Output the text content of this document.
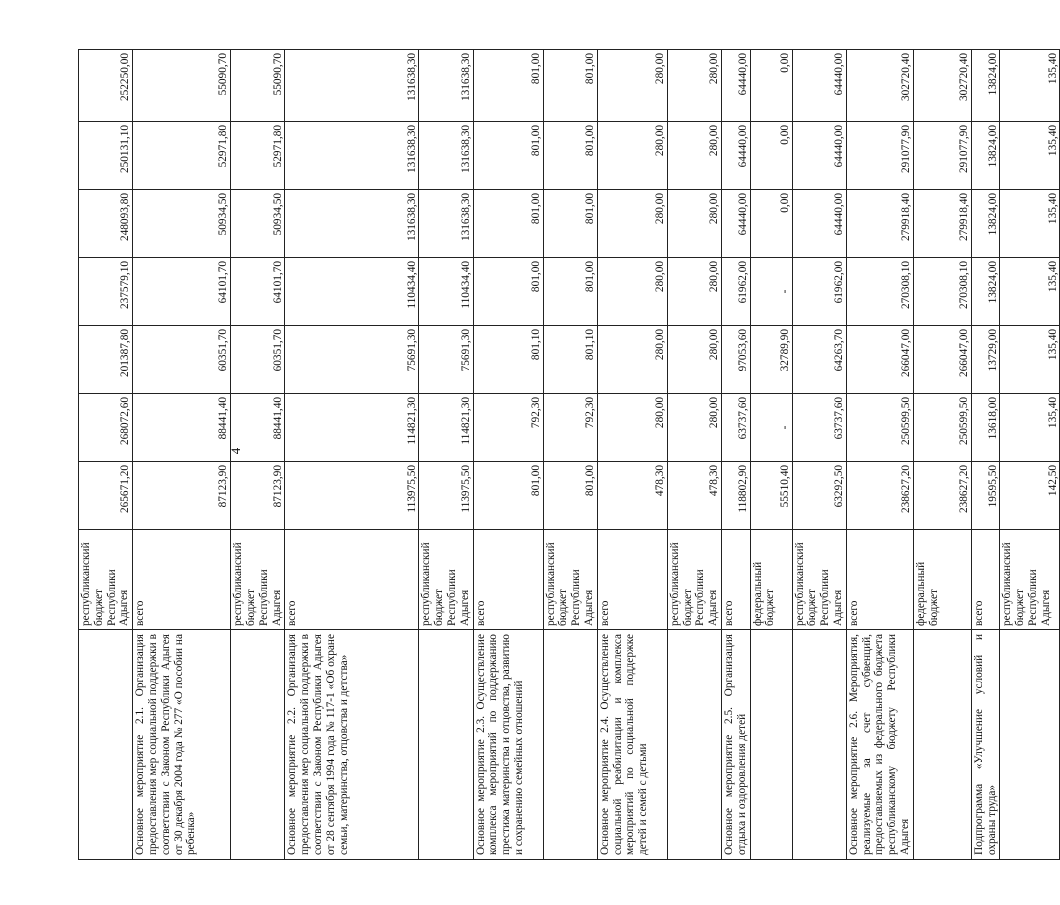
4
	республиканский бюджет Республики Адыгея	265671,20	268072,60	201387,80	237579,10	248093,80	250131,10	252250,00
Основное мероприятие 2.1. Организация предоставления мер социальной поддержки в соответствии с Законом Республики Адыгея от 30 декабря 2004 года № 277 «О пособии на ребенка»	всего	87123,90	88441,40	60351,70	64101,70	50934,50	52971,80	55090,70
	республиканский бюджет Республики Адыгея	87123,90	88441,40	60351,70	64101,70	50934,50	52971,80	55090,70
Основное мероприятие 2.2. Организация предоставления мер социальной поддержки в соответствии с Законом Республики Адыгея от 28 сентября 1994 года № 117-1 «Об охране семьи, материнства, отцовства и детства»	всего	113975,50	114821,30	75691,30	110434,40	131638,30	131638,30	131638,30
	республиканский бюджет Республики Адыгея	113975,50	114821,30	75691,30	110434,40	131638,30	131638,30	131638,30
Основное мероприятие 2.3. Осуществление комплекса мероприятий по поддержанию престижа материнства и отцовства, развитию и сохранению семейных отношений	всего	801,00	792,30	801,10	801,00	801,00	801,00	801,00
	республиканский бюджет Республики Адыгея	801,00	792,30	801,10	801,00	801,00	801,00	801,00
Основное мероприятие 2.4. Осуществление социальной реабилитации и комплекса мероприятий по социальной поддержке детей и семей с детьми	всего	478,30	280,00	280,00	280,00	280,00	280,00	280,00
	республиканский бюджет Республики Адыгея	478,30	280,00	280,00	280,00	280,00	280,00	280,00
Основное мероприятие 2.5. Организация отдыха и оздоровления детей	всего	118802,90	63737,60	97053,60	61962,00	64440,00	64440,00	64440,00
	федеральный бюджет	55510,40	-	32789,90	-	0,00	0,00	0,00
	республиканский бюджет Республики Адыгея	63292,50	63737,60	64263,70	61962,00	64440,00	64440,00	64440,00
Основное мероприятие 2.6. Мероприятия, реализуемые за счет субвенций, предоставляемых из федерального бюджета республиканскому бюджету Республики Адыгея	всего	238627,20	250599,50	266047,00	270308,10	279918,40	291077,90	302720,40
	федеральный бюджет	238627,20	250599,50	266047,00	270308,10	279918,40	291077,90	302720,40
Подпрограмма «Улучшение условий и охраны труда»	всего	19595,50	13618,00	13729,00	13824,00	13824,00	13824,00	13824,00
	республиканский бюджет Республики Адыгея	142,50	135,40	135,40	135,40	135,40	135,40	135,40
